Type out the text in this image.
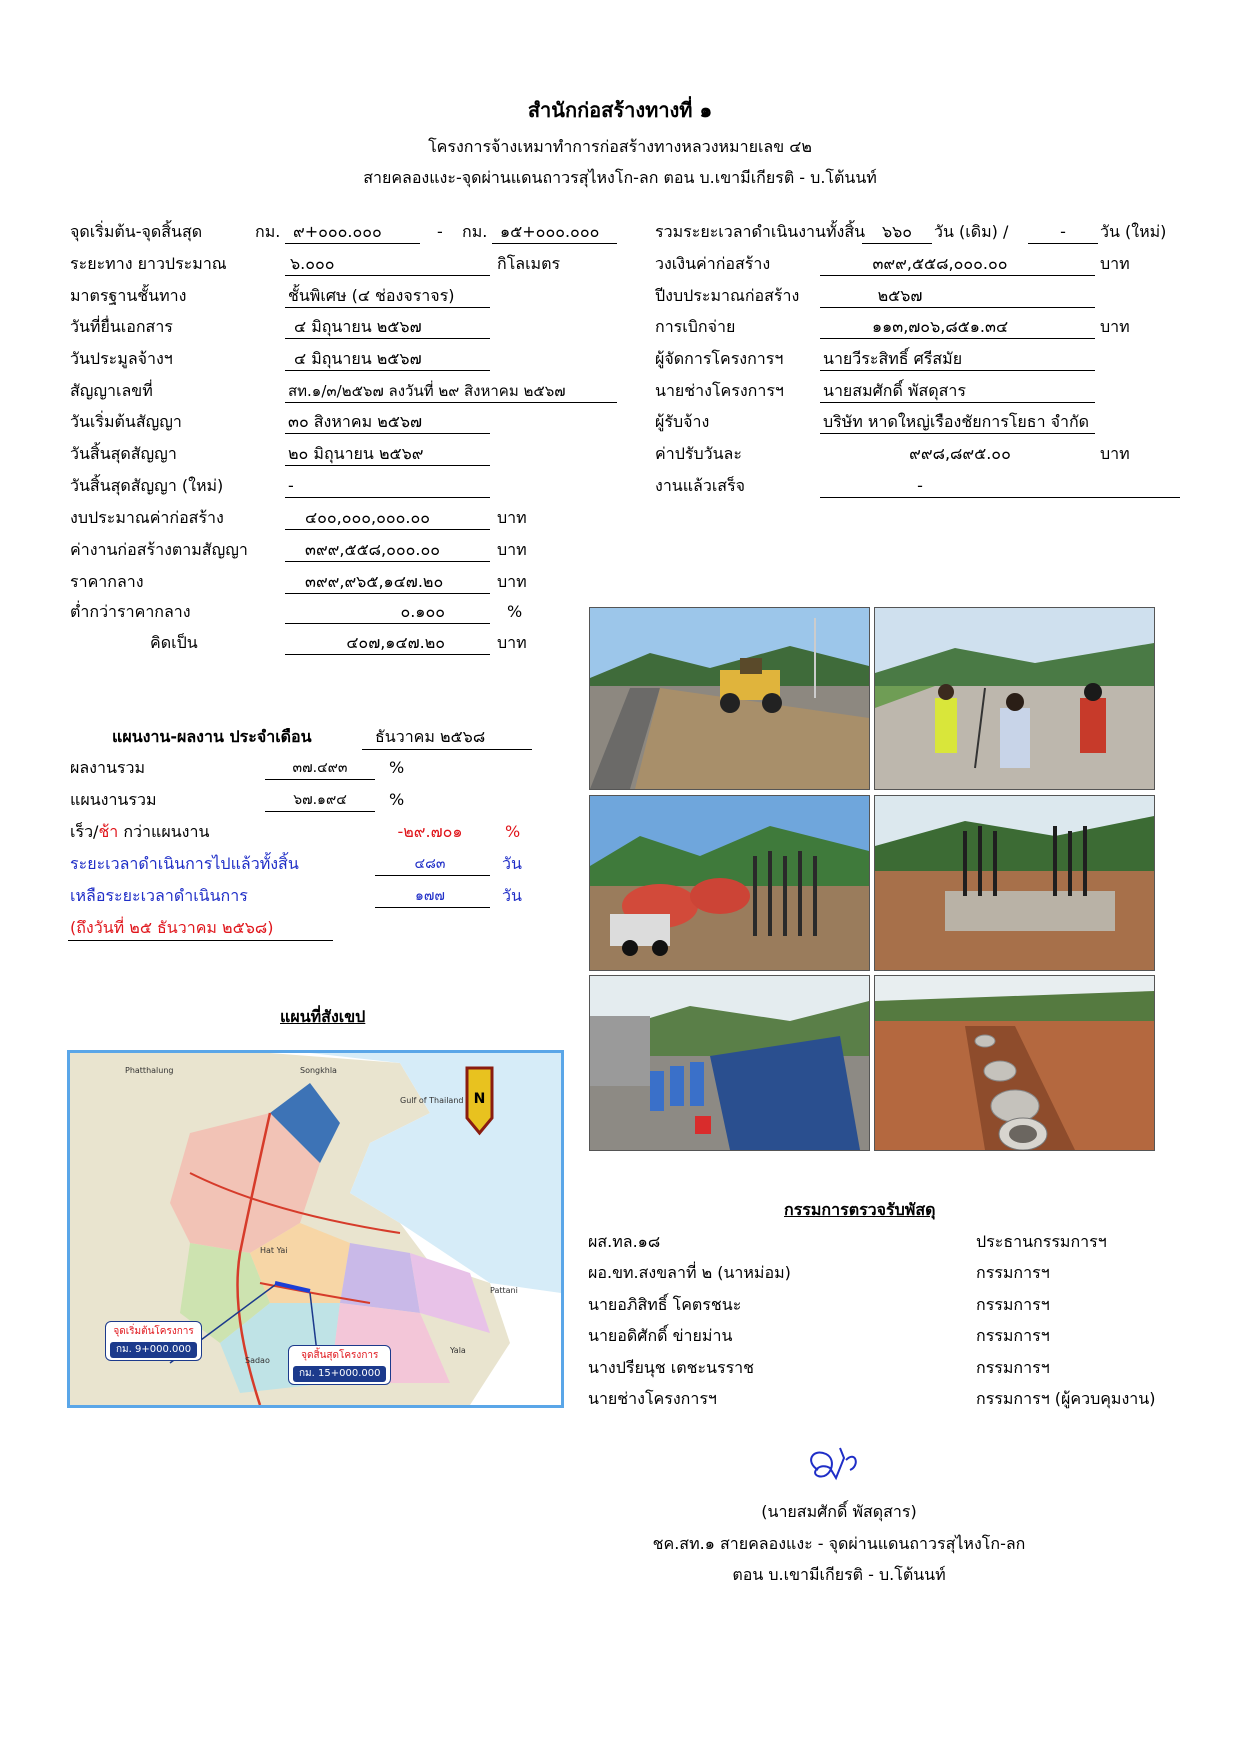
สำนักก่อสร้างทางที่ ๑
โครงการจ้างเหมาทำการก่อสร้างทางหลวงหมายเลข ๔๒
สายคลองแงะ-จุดผ่านแดนถาวรสุไหงโก-ลก ตอน บ.เขามีเกียรติ - บ.โต้นนท์
จุดเริ่มต้น-จุดสิ้นสุด	กม. ๙+๐๐๐.๐๐๐	- กม. ๑๕+๐๐๐.๐๐๐
ระยะทาง ยาวประมาณ	๖.๐๐๐	กิโลเมตร
มาตรฐานชั้นทาง	ชั้นพิเศษ (๔ ช่องจราจร)
วันที่ยื่นเอกสาร	๔ มิถุนายน ๒๕๖๗
วันประมูลจ้างฯ	๔ มิถุนายน ๒๕๖๗
สัญญาเลขที่	สท.๑/๓/๒๕๖๗ ลงวันที่ ๒๙ สิงหาคม ๒๕๖๗
วันเริ่มต้นสัญญา	๓๐ สิงหาคม ๒๕๖๗
วันสิ้นสุดสัญญา	๒๐ มิถุนายน ๒๕๖๙
วันสิ้นสุดสัญญา (ใหม่)	-
งบประมาณค่าก่อสร้าง	๔๐๐,๐๐๐,๐๐๐.๐๐	บาท
ค่างานก่อสร้างตามสัญญา	๓๙๙,๕๕๘,๐๐๐.๐๐	บาท
ราคากลาง	๓๙๙,๙๖๕,๑๔๗.๒๐	บาท
ต่ำกว่าราคากลาง	๐.๑๐๐	%
คิดเป็น	๔๐๗,๑๔๗.๒๐	บาท
รวมระยะเวลาดำเนินงานทั้งสิ้น	๖๖๐	วัน (เดิม) /	-	วัน (ใหม่)
วงเงินค่าก่อสร้าง	๓๙๙,๕๕๘,๐๐๐.๐๐	บาท
ปีงบประมาณก่อสร้าง	๒๕๖๗
การเบิกจ่าย	๑๑๓,๗๐๖,๘๕๑.๓๔	บาท
ผู้จัดการโครงการฯ นายวีระสิทธิ์ ศรีสมัย
นายช่างโครงการฯ นายสมศักดิ์ พัสดุสาร
ผู้รับจ้าง	บริษัท หาดใหญ่เรืองชัยการโยธา จำกัด
ค่าปรับวันละ	๙๙๘,๘๙๕.๐๐	บาท
งานแล้วเสร็จ	-
แผนงาน-ผลงาน ประจำเดือน	ธันวาคม ๒๕๖๘
ผลงานรวม	๓๗.๔๙๓	%
แผนงานรวม	๖๗.๑๙๔	%
เร็ว/ช้า กว่าแผนงาน	-๒๙.๗๐๑	%
ระยะเวลาดำเนินการไปแล้วทั้งสิ้น	๔๘๓	วัน
เหลือระยะเวลาดำเนินการ	๑๗๗	วัน
(ถึงวันที่ ๒๕ ธันวาคม ๒๕๖๘)
แผนที่สังเขป
Phatthalung	Songkhla
Gulf of Thailand
Hat Yai
Sadao
Pattani
Yala
N
จุดเริ่มต้นโครงการ
กม. 9+000.000
จุดสิ้นสุดโครงการ
กม. 15+000.000
กรรมการตรวจรับพัสดุ
ผส.ทล.๑๘	ประธานกรรมการฯ
ผอ.ขท.สงขลาที่ ๒ (นาหม่อม)	กรรมการฯ
นายอภิสิทธิ์ โคตรชนะ	กรรมการฯ
นายอดิศักดิ์ ข่ายม่าน	กรรมการฯ
นางปรียนุช เตชะนรราช	กรรมการฯ
นายช่างโครงการฯ	กรรมการฯ (ผู้ควบคุมงาน)
(นายสมศักดิ์ พัสดุสาร)
ชค.สท.๑ สายคลองแงะ - จุดผ่านแดนถาวรสุไหงโก-ลก
ตอน บ.เขามีเกียรติ - บ.โต้นนท์
